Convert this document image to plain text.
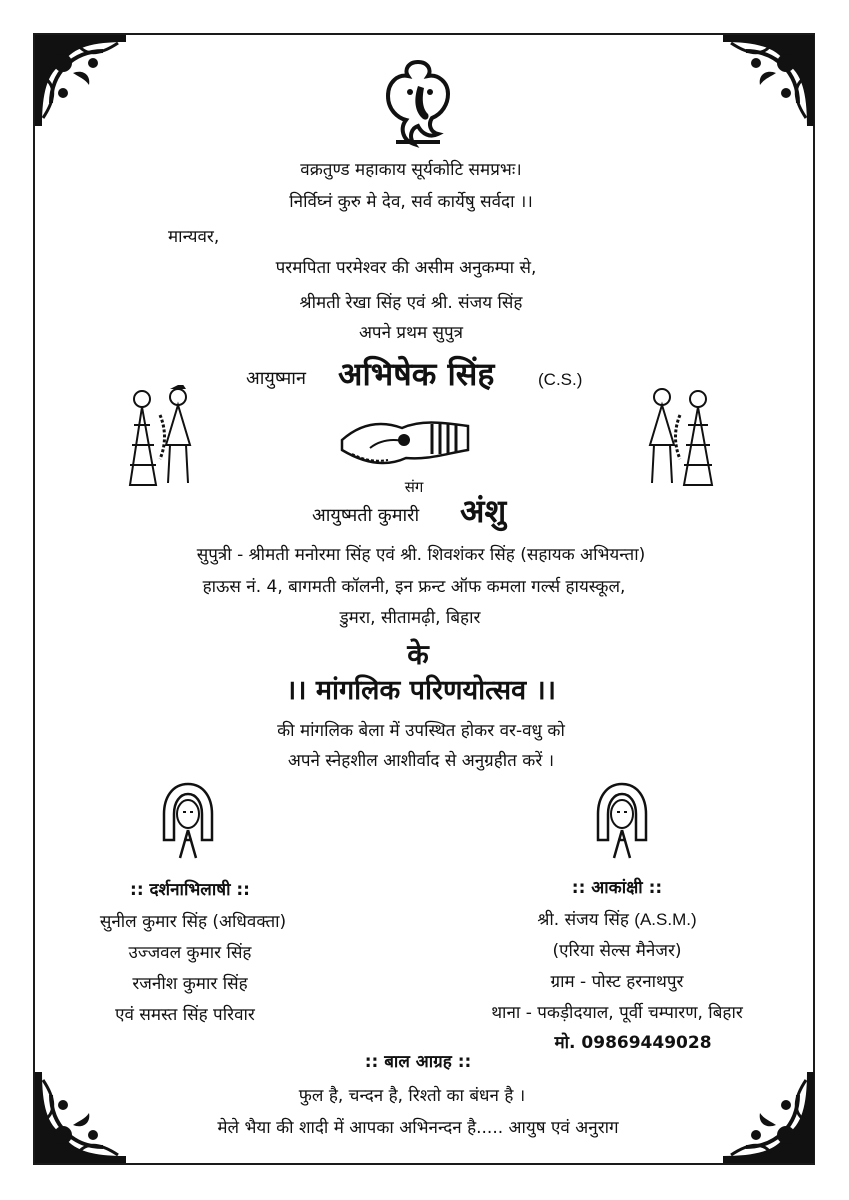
वक्रतुण्ड महाकाय सूर्यकोटि समप्रभः।
निर्विघ्नं कुरु मे देव, सर्व कार्येषु सर्वदा ।।
मान्यवर,
परमपिता परमेश्वर की असीम अनुकम्पा से,
श्रीमती रेखा सिंह एवं श्री. संजय सिंह
अपने प्रथम सुपुत्र
आयुष्मान अभिषेक सिंह	(C.S.)
संग
आयुष्मती कुमारी अंशु
सुपुत्री - श्रीमती मनोरमा सिंह एवं श्री. शिवशंकर सिंह (सहायक अभियन्ता)
हाऊस नं. 4, बागमती कॉलनी, इन फ्रन्ट ऑफ कमला गर्ल्स हायस्कूल,
डुमरा, सीतामढ़ी, बिहार
के
।। मांगलिक परिणयोत्सव ।।
की मांगलिक बेला में उपस्थित होकर वर-वधु को
अपने स्नेहशील आशीर्वाद से अनुग्रहीत करें ।
:: दर्शनाभिलाषी ::
सुनील कुमार सिंह (अधिवक्ता)
उज्जवल कुमार सिंह
रजनीश कुमार सिंह
एवं समस्त सिंह परिवार
:: आकांक्षी ::
श्री. संजय सिंह (A.S.M.)
(एरिया सेल्स मैनेजर)
ग्राम - पोस्ट हरनाथपुर
थाना - पकड़ीदयाल, पूर्वी चम्पारण, बिहार
मो. 09869449028
:: बाल आग्रह ::
फुल है, चन्दन है, रिश्तो का बंधन है ।
मेले भैया की शादी में आपका अभिनन्दन है..... आयुष एवं अनुराग
